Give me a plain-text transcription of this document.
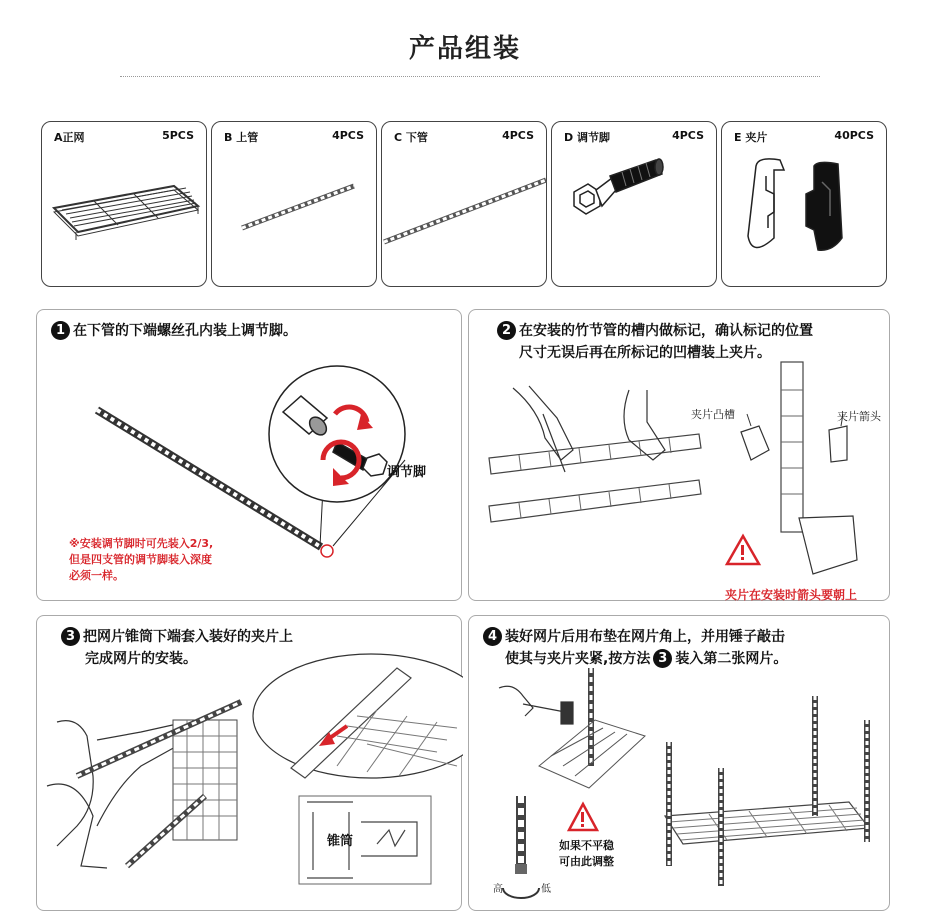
产品组装
A正网	5PCS	B 上管	4PCS	C 下管	4PCS	D 调节脚	4PCS	E 夹片	40PCS
1 在下管的下端螺丝孔内装上调节脚。
调节脚
※安装调节脚时可先装入2/3,
但是四支管的调节脚装入深度
必须一样。
2 在安装的竹节管的槽内做标记，确认标记的位置
尺寸无误后再在所标记的凹槽装上夹片。
夹片凸槽	夹片箭头
夹片在安装时箭头要朝上
3 把网片锥筒下端套入装好的夹片上
完成网片的安装。
锥筒
4 装好网片后用布垫在网片角上，并用锤子敲击
使其与夹片夹紧,按方法 3 装入第二张网片。
如果不平稳
可由此调整
高	低
